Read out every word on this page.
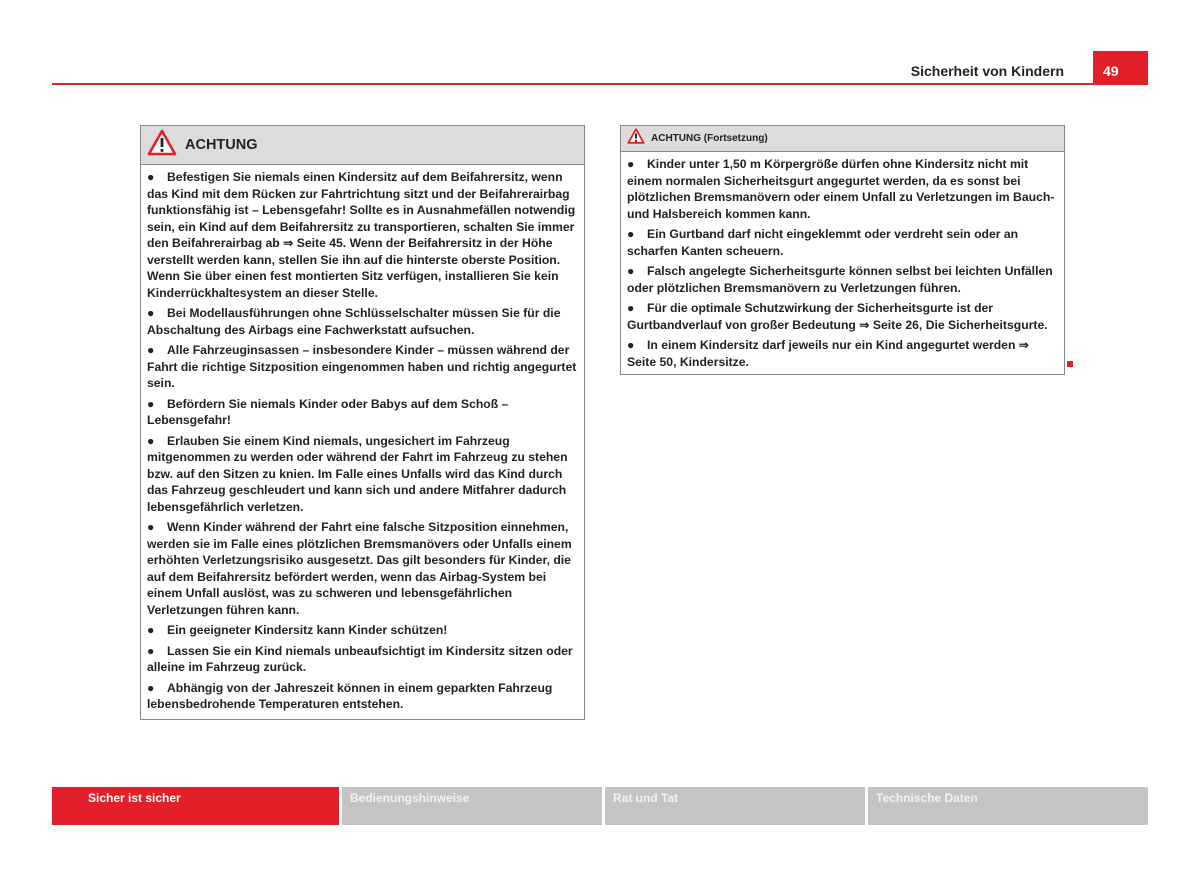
Sicherheit von Kindern	49
ACHTUNG

● Befestigen Sie niemals einen Kindersitz auf dem Beifahrersitz, wenn das Kind mit dem Rücken zur Fahrtrichtung sitzt und der Beifahrerairbag funktionsfähig ist – Lebensgefahr! Sollte es in Ausnahmefällen notwendig sein, ein Kind auf dem Beifahrersitz zu transportieren, schalten Sie immer den Beifahrerairbag ab ⇒ Seite 45. Wenn der Beifahrersitz in der Höhe verstellt werden kann, stellen Sie ihn auf die hinterste oberste Position. Wenn Sie über einen fest montierten Sitz verfügen, installieren Sie kein Kinderrückhaltesystem an dieser Stelle.

● Bei Modellausführungen ohne Schlüsselschalter müssen Sie für die Abschaltung des Airbags eine Fachwerkstatt aufsuchen.

● Alle Fahrzeuginsassen – insbesondere Kinder – müssen während der Fahrt die richtige Sitzposition eingenommen haben und richtig angegurtet sein.

● Befördern Sie niemals Kinder oder Babys auf dem Schoß – Lebensgefahr!

● Erlauben Sie einem Kind niemals, ungesichert im Fahrzeug mitgenommen zu werden oder während der Fahrt im Fahrzeug zu stehen bzw. auf den Sitzen zu knien. Im Falle eines Unfalls wird das Kind durch das Fahrzeug geschleudert und kann sich und andere Mitfahrer dadurch lebensgefährlich verletzen.

● Wenn Kinder während der Fahrt eine falsche Sitzposition einnehmen, werden sie im Falle eines plötzlichen Bremsmanövers oder Unfalls einem erhöhten Verletzungsrisiko ausgesetzt. Das gilt besonders für Kinder, die auf dem Beifahrersitz befördert werden, wenn das Airbag-System bei einem Unfall auslöst, was zu schweren und lebensgefährlichen Verletzungen führen kann.

● Ein geeigneter Kindersitz kann Kinder schützen!

● Lassen Sie ein Kind niemals unbeaufsichtigt im Kindersitz sitzen oder alleine im Fahrzeug zurück.

● Abhängig von der Jahreszeit können in einem geparkten Fahrzeug lebensbedrohende Temperaturen entstehen.

ACHTUNG (Fortsetzung)

● Kinder unter 1,50 m Körpergröße dürfen ohne Kindersitz nicht mit einem normalen Sicherheitsgurt angegurtet werden, da es sonst bei plötzlichen Bremsmanövern oder einem Unfall zu Verletzungen im Bauch- und Halsbereich kommen kann.

● Ein Gurtband darf nicht eingeklemmt oder verdreht sein oder an scharfen Kanten scheuern.

● Falsch angelegte Sicherheitsgurte können selbst bei leichten Unfällen oder plötzlichen Bremsmanövern zu Verletzungen führen.

● Für die optimale Schutzwirkung der Sicherheitsgurte ist der Gurtbandverlauf von großer Bedeutung ⇒ Seite 26, Die Sicherheitsgurte.

● In einem Kindersitz darf jeweils nur ein Kind angegurtet werden ⇒ Seite 50, Kindersitze.

Sicher ist sicher	Bedienungshinweise	Rat und Tat	Technische Daten
